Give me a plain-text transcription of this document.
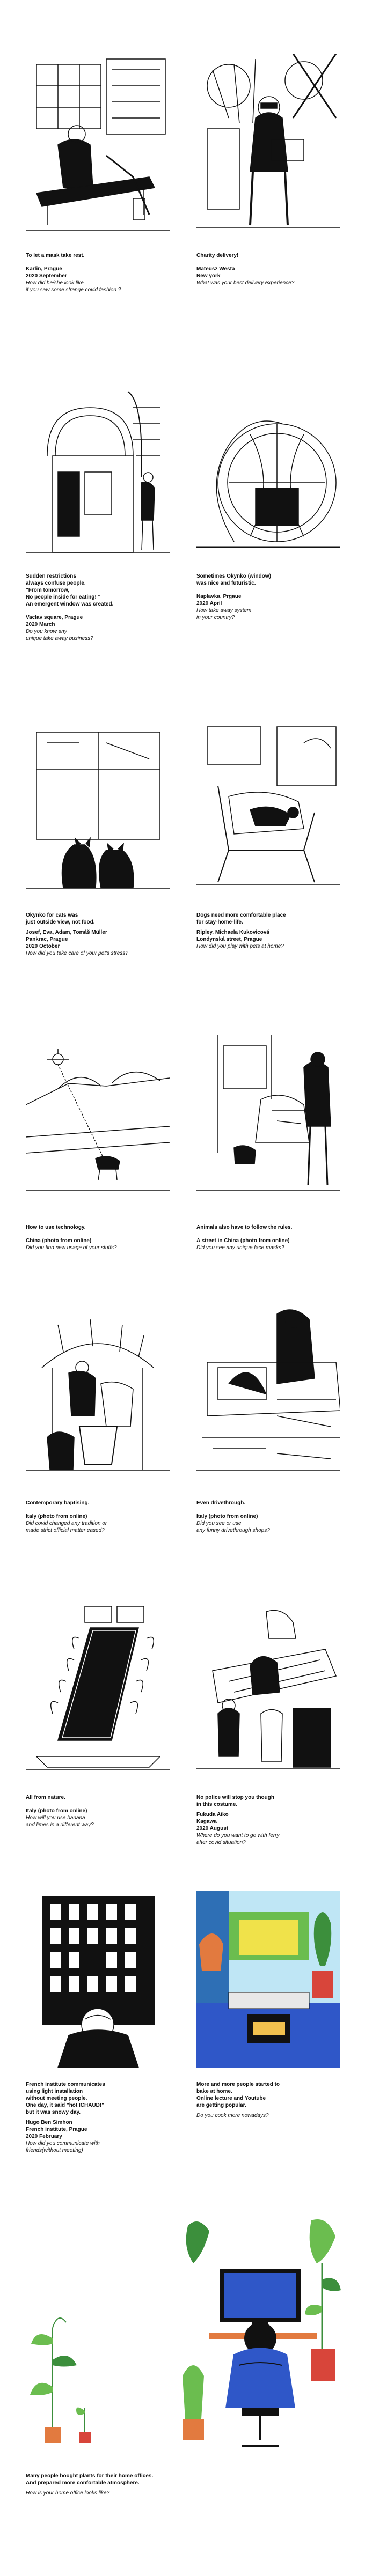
To let a mask take rest.
Karlin, Prague
2020 September
How did he/she look like
if you saw some strange covid fashion ?
Charity delivery!
Mateusz Westa
New york
What was your best delivery experience?
Sudden restrictions
always confuse people.
"From tomorrow,
No people inside for eating! "
An emergent window was created.
Vaclav square, Prague
2020 March
Do you know any
unique take away business?
Sometimes Okynko (window)
was nice and futuristic.
Naplavka, Prgaue
2020 April
How take away system
in your country?
Okynko for cats was
just outside view, not food.
Josef, Eva, Adam, Tomáš Müller
Pankrac, Prague
2020 October
How did you take care of your pet's stress?
Dogs need more comfortable place
for stay-home-life.
Ripley, Michaela Kukovicová
Londynská street, Prague
How did you play with pets at home?
How to use technology.
China (photo from online)
Did you find new usage of your stuffs?
Animals also have to follow the rules.
A street in China (photo from online)
Did you see any unique face masks?
Contemporary baptising.
Italy (photo from online)
Did covid changed any tradition or
made strict official matter eased?
Even drivethrough.
Italy (photo from online)
Did you see or use
any funny drivethrough shops?
All from nature.
Italy (photo from online)
How will you use banana
and limes in a different way?
No police will stop you though
in this costume.
Fukuda Aiko
Kagawa
2020 August
Where do you want to go with ferry
after covid situation?
French institute communicates
using light installation
without meeting people.
One day, it said "hot ICHAUD!"
but it was snowy day.
Hugo Ben Simhon
French institute, Prague
2020 February
How did you communicate with
friends(without meeting)
More and more people started to
bake at home.
Online lecture and Youtube
are getting popular.
Do you cook more nowadays?
Many people bought plants for their home offices.
And prepared more confortable atmosphere.
How is your home office looks like?
